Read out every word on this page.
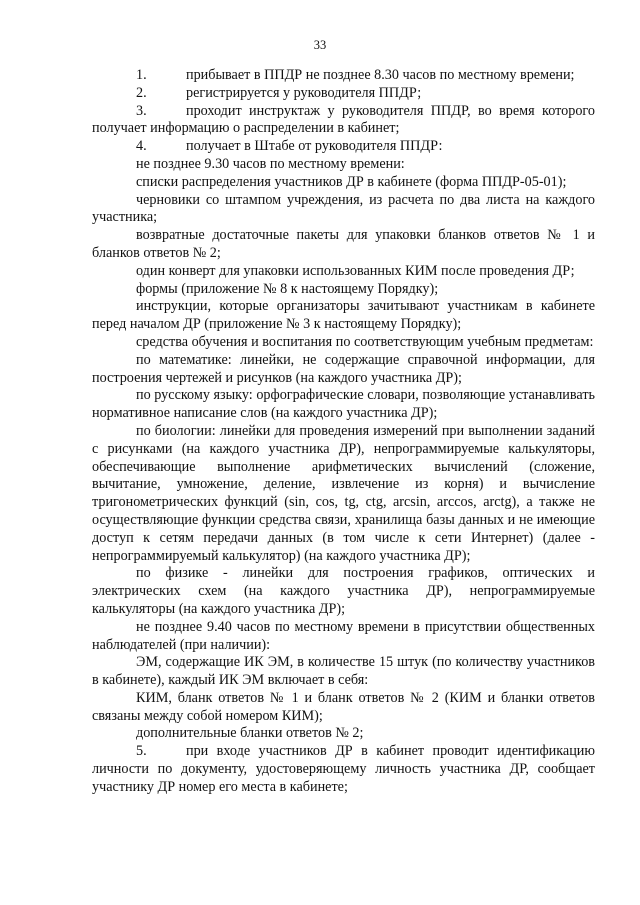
33

1.	прибывает в ППДР не позднее 8.30 часов по местному времени;

2.	регистрируется у руководителя ППДР;

3.	проходит инструктаж у руководителя ППДР, во время которого получает информацию о распределении в кабинет;

4.	получает в Штабе от руководителя ППДР:

не позднее 9.30 часов по местному времени:

списки распределения участников ДР в кабинете (форма ППДР-05-01);

черновики со штампом учреждения, из расчета по два листа на каждого участника;

возвратные достаточные пакеты для упаковки бланков ответов № 1 и бланков ответов № 2;

один конверт для упаковки использованных КИМ после проведения ДР;

формы (приложение № 8 к настоящему Порядку);

инструкции, которые организаторы зачитывают участникам в кабинете перед началом ДР (приложение № 3 к настоящему Порядку);

средства обучения и воспитания по соответствующим учебным предметам:

по математике: линейки, не содержащие справочной информации, для построения чертежей и рисунков (на каждого участника ДР);

по русскому языку: орфографические словари, позволяющие устанавливать нормативное написание слов (на каждого участника ДР);

по биологии: линейки для проведения измерений при выполнении заданий с рисунками (на каждого участника ДР), непрограммируемые калькуляторы, обеспечивающие выполнение арифметических вычислений (сложение, вычитание, умножение, деление, извлечение из корня) и вычисление тригонометрических функций (sin, cos, tg, ctg, arcsin, arccos, arctg), а также не осуществляющие функции средства связи, хранилища базы данных и не имеющие доступ к сетям передачи данных (в том числе к сети Интернет) (далее - непрограммируемый калькулятор) (на каждого участника ДР);

по физике - линейки для построения графиков, оптических и электрических схем (на каждого участника ДР), непрограммируемые калькуляторы (на каждого участника ДР);

не позднее 9.40 часов по местному времени в присутствии общественных наблюдателей (при наличии):

ЭМ, содержащие ИК ЭМ, в количестве 15 штук (по количеству участников в кабинете), каждый ИК ЭМ включает в себя:

КИМ, бланк ответов № 1 и бланк ответов № 2 (КИМ и бланки ответов связаны между собой номером КИМ);

дополнительные бланки ответов № 2;

5.	при входе участников ДР в кабинет проводит идентификацию личности по документу, удостоверяющему личность участника ДР, сообщает участнику ДР номер его места в кабинете;
